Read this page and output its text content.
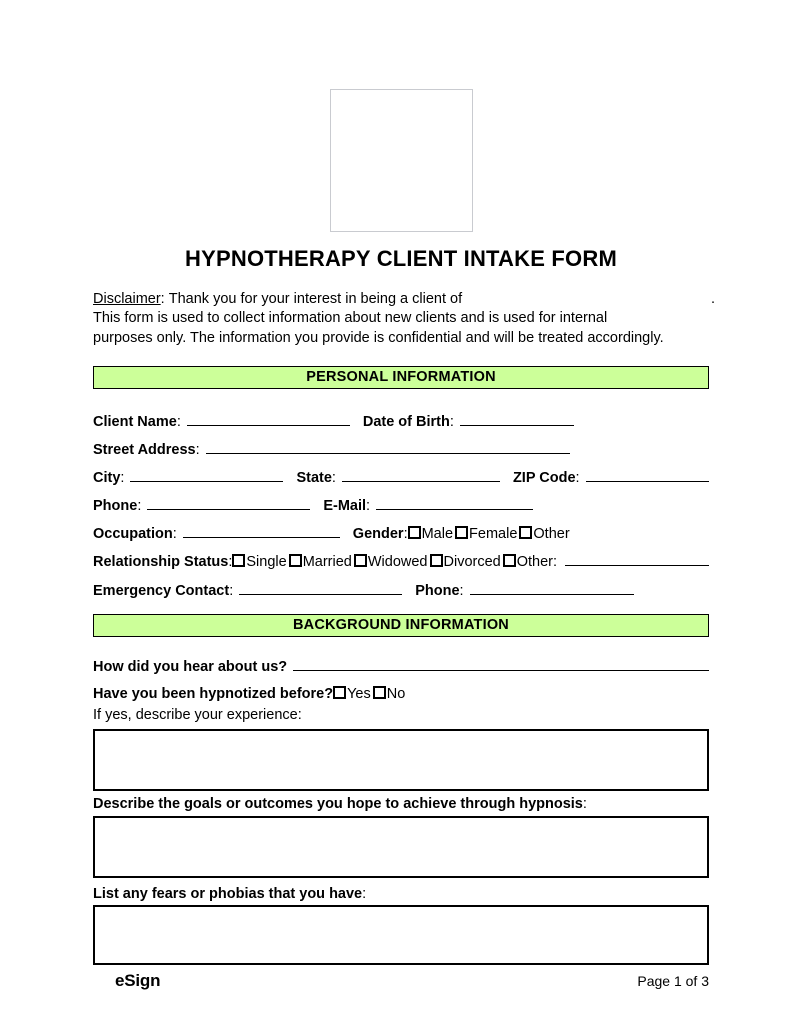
HYPNOTHERAPY CLIENT INTAKE FORM
Disclaimer :
Thank you for your interest in being a client of	.
This form is used to collect information about new clients and is used for internal
purposes only. The information you provide is confidential and will be treated accordingly.
PERSONAL INFORMATION
Client Name:	Date of Birth:
Street Address:
City:	State:	ZIP Code:
Phone:	E-Mail:
Occupation:	Gender: Male Female Other
Relationship Status: Single Married Widowed Divorced Other:
Emergency Contact:	Phone:
BACKGROUND INFORMATION
How did you hear about us?
Have you been hypnotized before? Yes No
If yes, describe your experience:
Describe the goals or outcomes you hope to achieve through hypnosis:
List any fears or phobias that you have:
eSign	Page 1 of 3
